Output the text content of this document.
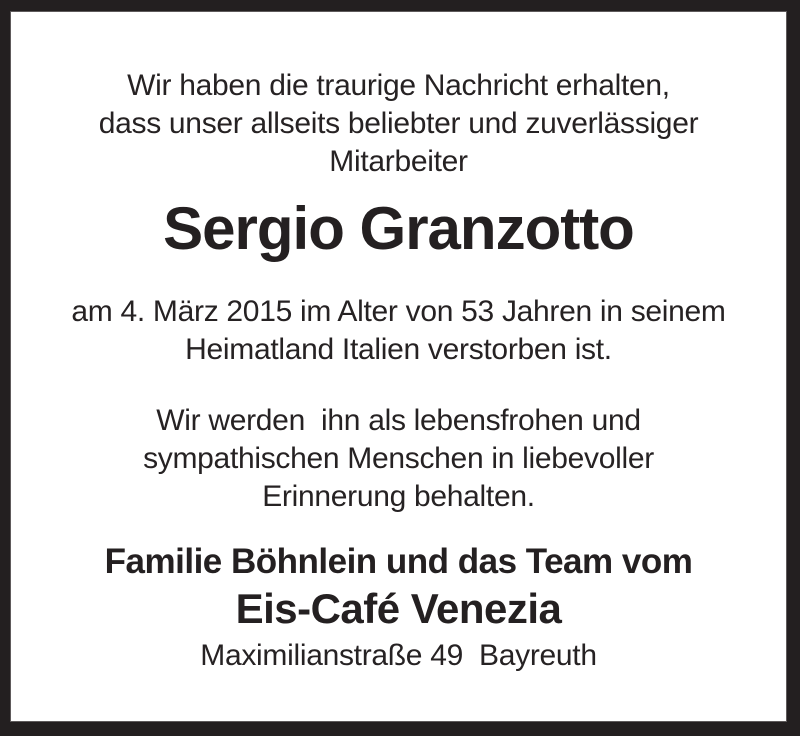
Wir haben die traurige Nachricht erhalten,
dass unser allseits beliebter und zuverlässiger
Mitarbeiter
Sergio Granzotto
am 4. März 2015 im Alter von 53 Jahren in seinem
Heimatland Italien verstorben ist.
Wir werden  ihn als lebensfrohen und
sympathischen Menschen in liebevoller
Erinnerung behalten.
Familie Böhnlein und das Team vom
Eis-Café Venezia
Maximilianstraße 49  Bayreuth
